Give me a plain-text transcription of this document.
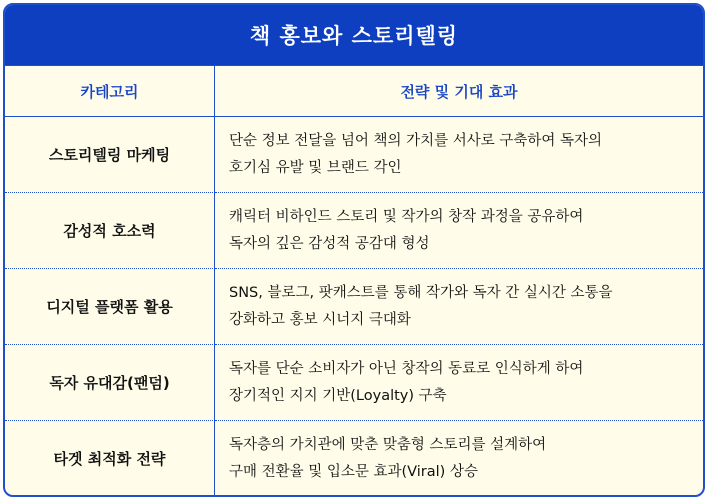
책 홍보와 스토리텔링
카테고리	전략 및 기대 효과
스토리텔링 마케팅
단순 정보 전달을 넘어 책의 가치를 서사로 구축하여 독자의
호기심 유발 및 브랜드 각인
감성적 호소력
캐릭터 비하인드 스토리 및 작가의 창작 과정을 공유하여
독자의 깊은 감성적 공감대 형성
디지털 플랫폼 활용
SNS, 블로그, 팟캐스트를 통해 작가와 독자 간 실시간 소통을
강화하고 홍보 시너지 극대화
독자 유대감(팬덤)
독자를 단순 소비자가 아닌 창작의 동료로 인식하게 하여
장기적인 지지 기반(Loyalty) 구축
타겟 최적화 전략
독자층의 가치관에 맞춘 맞춤형 스토리를 설계하여
구매 전환율 및 입소문 효과(Viral) 상승
